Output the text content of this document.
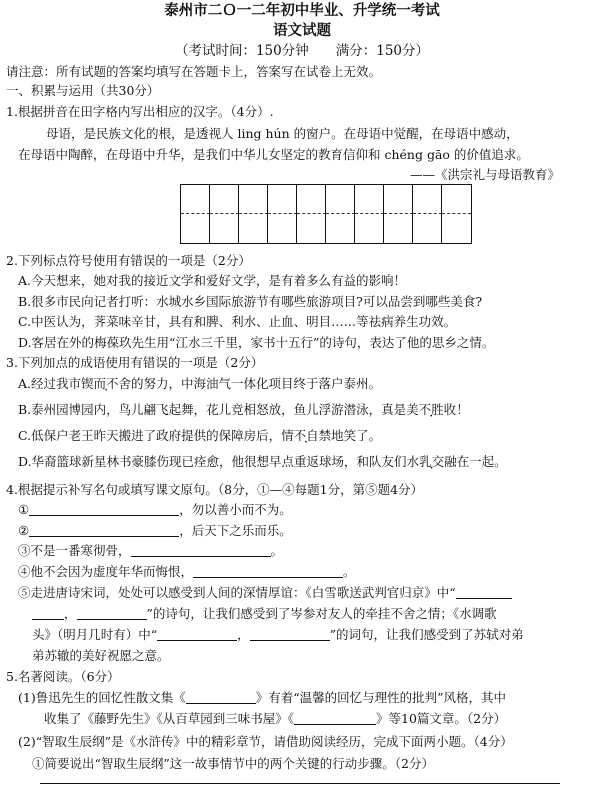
泰州市二Ｏ一二年初中毕业、升学统一考试
语文试题
（考试时间：150分钟　　满分：150分）
请注意：所有试题的答案均填写在答题卡上，答案写在试卷上无效。
一、积累与运用（共30分）
1.根据拼音在田字格内写出相应的汉字。（4分）.
母语，是民族文化的根，是透视人 ling hún 的窗户。在母语中觉醒，在母语中感动，
在母语中陶醉，在母语中升华，是我们中华儿女坚定的教育信仰和 chéng gāo 的价值追求。
——《洪宗礼与母语教育》
2.下列标点符号使用有错误的一项是（2分）
A.今天想来，她对我的接近文学和爱好文学，是有着多么有益的影响！
B.很多市民向记者打听：水城水乡国际旅游节有哪些旅游项目?可以品尝到哪些美食?
C.中医认为，荠菜味辛甘，具有和脾、利水、止血、明目……等祛病养生功效。
D.客居在外的梅葆玖先生用“江水三千里，家书十五行”的诗句，表达了他的思乡之情。
3.下列加点的成语使用有错误的一项是（2分）
A.经过我市锲而不舍的努力，中海油气一体化项目终于落户泰州。
B.泰州园博园内，鸟儿翩飞起舞，花儿竞相怒放，鱼儿浮游潜泳，真是美不胜收！
C.低保户老王昨天搬进了政府提供的保障房后，情不自禁地笑了。
D.华裔篮球新星林书豪膝伤现已痊愈，他很想早点重返球场，和队友们水乳交融在一起。
4.根据提示补写名句或填写课文原句。（8分，①—④每题1分，第⑤题4分）
①	，勿以善小而不为。
②	，后天下之乐而乐。
③不是一番寒彻骨，	。
④他不会因为虚度年华而悔恨，	。
⑤走进唐诗宋词，处处可以感受到人间的深情厚谊：《白雪歌送武判官归京》中“
，	”的诗句，让我们感受到了岑参对友人的牵挂不舍之情；《水调歌
头》（明月几时有）中“	，	”的词句，让我们感受到了苏轼对弟
弟苏辙的美好祝愿之意。
5.名著阅读。（6分）
(1)鲁迅先生的回忆性散文集《	》有着“温馨的回忆与理性的批判”风格，其中
收集了《藤野先生》《从百草园到三味书屋》《	》等10篇文章。（2分）
(2)“智取生辰纲”是《水浒传》中的精彩章节，请借助阅读经历，完成下面两小题。（4分）
①简要说出“智取生辰纲”这一故事情节中的两个关键的行动步骤。（2分）
